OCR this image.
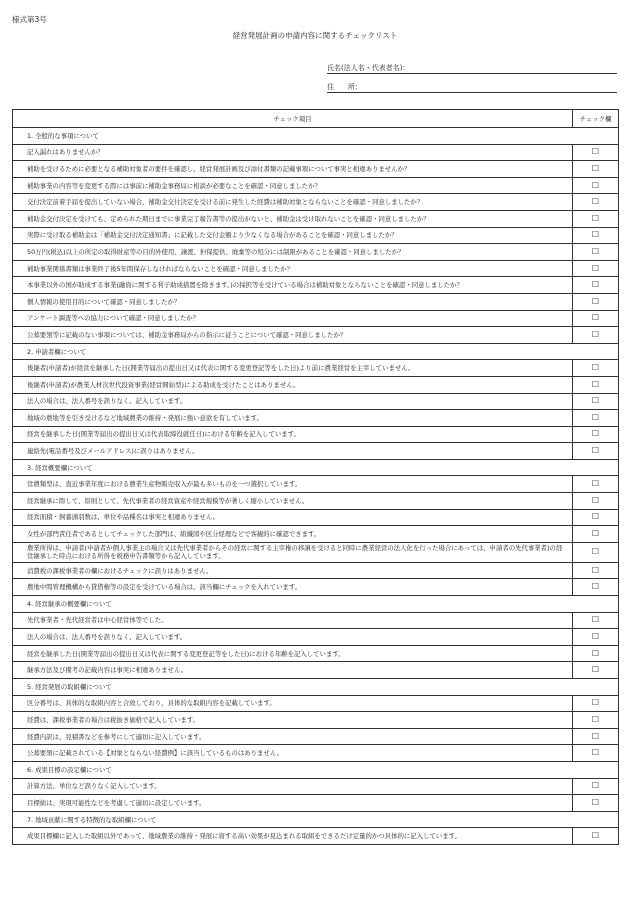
様式第3号
経営発展計画の申請内容に関するチェックリスト
氏名(法人名・代表者名)：
住　　所：
チェック項目	チェック欄
1. 全般的な事項について	
記入漏れはありませんか？	☐
補助を受けるために必要となる補助対象者の要件を確認し、経営発展計画及び添付書類の記載事項について事実と相違ありませんか？	☐
補助事業の内容等を変更する際には事前に補助金事務局に相談が必要なことを確認・同意しましたか？	☐
交付決定前着手届を提出していない場合、補助金交付決定を受ける前に発生した経費は補助対象とならないことを確認・同意しましたか？	☐
補助金交付決定を受けても、定められた期日までに事業完了報告書等の提出がないと、補助金は受け取れないことを確認・同意しましたか？	☐
実際に受け取る補助金は「補助金交付決定通知書」に記載した交付金額より少なくなる場合があることを確認・同意しましたか？	☐
50万円(税込)以上の所定の取得財産等の目的外使用、譲渡、担保提供、廃棄等の処分には制限があることを確認・同意しましたか？	☐
補助事業関係書類は事業終了後5年間保存しなければならないことを確認・同意しましたか？	☐
本事業以外の国が助成する事業(融資に関する利子助成措置を除きます。)の採択等を受けている場合は補助対象とならないことを確認・同意しましたか？	☐
個人情報の使用目的について確認・同意しましたか？	☐
アンケート調査等への協力について確認・同意しましたか？	☐
公募要領等に記載のない事項については、補助金事務局からの指示に従うことについて確認・同意しましたか？	☐
2. 申請者欄について	
後継者(申請者)が経営を継承した日(開業等届出の提出日又は代表に関する変更登記等をした日)より前に農業経営を主宰していません。	☐
後継者(申請者)が農業人材次世代投資事業(経営開始型)による助成を受けたことはありません。	☐
法人の場合は、法人番号を誤りなく、記入しています。	☐
地域の農地等を引き受けるなど地域農業の維持・発展に強い意欲を有しています。	☐
経営を継承した日(開業等届出の提出日又は代表取締役就任日)における年齢を記入しています。	☐
連絡先(電話番号及びメールアドレス)に誤りはありません。	☐
3. 経営概要欄について	
営農類型は、直近事業年度における農業生産物販売収入が最も多いものを一つ選択しています。	☐
経営継承に際して、原則として、先代事業者の経営資産や経営規模等が著しく縮小していません。	☐
経営面積・飼養頭羽数は、単位や品種名は事実と相違ありません。	☐
女性が部門責任者であるとしてチェックした部門は、組織図や区分経理などで客観的に確認できます。	☐
農業所得は、申請者(申請者が個人事業主の場合又は先代事業者からその経営に関する主宰権の移譲を受けると同時に農業経営の法人化を行った場合にあっては、申請者の先代事業者)の経営継承した時点における所得を税務申告書類等から記入しています。	☐
消費税の課税事業者の欄におけるチェックに誤りはありません。	☐
農地中間管理機構から貸借権等の設定を受けている場合は、該当欄にチェックを入れています。	☐
4. 経営継承の概要欄について	
先代事業者・先代経営者は中心経営体等でした。	☐
法人の場合は、法人番号を誤りなく、記入しています。	☐
経営を継承した日(開業等届出の提出日又は代表に関する変更登記等をした日)における年齢を記入しています。	☐
継承方法及び備考の記載内容は事実に相違ありません。	☐
5. 経営発展の取組欄について	
区分番号は、具体的な取組内容と合致しており、具体的な取組内容を記載しています。	☐
経費は、課税事業者の場合は税抜き価格で記入しています。	☐
経費内訳は、見積書などを参考にして適切に記入しています。	☐
公募要領に記載されている【対象とならない経費例】に該当しているものはありません。	☐
6. 成果目標の設定欄について	
計算方法、単位など誤りなく記入しています。	☐
目標値は、実現可能性などを考慮して適切に設定しています。	☐
7. 地域貢献に関する特徴的な取組欄について	
成果目標欄に記入した取組以外であって、地域農業の維持・発展に資する高い効果が見込まれる取組をできるだけ定量的かつ具体的に記入しています。	☐
